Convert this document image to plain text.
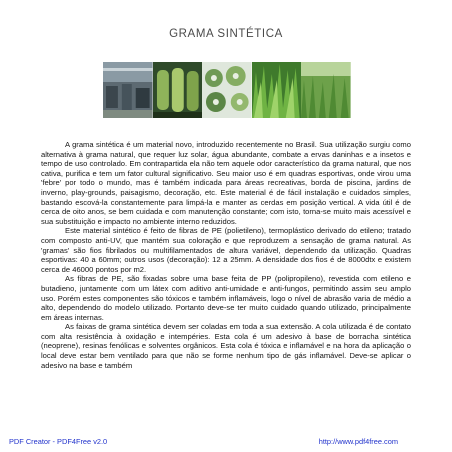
GRAMA SINTÉTICA

A grama sintética é um material novo, introduzido recentemente no Brasil. Sua utilização surgiu como alternativa à grama natural, que requer luz solar, água abundante, combate a ervas daninhas e a insetos e tempo de uso controlado. Em contrapartida ela não tem aquele odor característico da grama natural, que nos cativa, purifica e tem um fator cultural significativo. Seu maior uso é em quadras esportivas, onde virou uma 'febre' por todo o mundo, mas é também indicada para áreas recreativas, borda de piscina, jardins de inverno, play-grounds, paisagismo, decoração, etc. Este material é de fácil instalação e cuidados simples, bastando escová-la constantemente para limpá-la e manter as cerdas em posição vertical. A vida útil é de cerca de oito anos, se bem cuidada e com manutenção constante; com isto, torna-se muito mais acessível e sua substituição e impacto no ambiente interno reduzidos.

Este material sintético é feito de fibras de PE (polietileno), termoplástico derivado do etileno; tratado com composto anti-UV, que mantém sua coloração e que reproduzem a sensação de grama natural. As 'gramas' são fios fibrilados ou multifilamentados de altura variável, dependendo da utilização. Quadras esportivas: 40 a 60mm; outros usos (decoração): 12 a 25mm. A densidade dos fios é de 8000dtx e existem cerca de 46000 pontos por m2.

As fibras de PE, são fixadas sobre uma base feita de PP (polipropileno), revestida com etileno e butadieno, juntamente com um látex com aditivo anti-umidade e anti-fungos, permitindo assim seu amplo uso. Porém estes componentes são tóxicos e também inflamáveis, logo o nível de abrasão varia de médio a alto, dependendo do modelo utilizado. Portanto deve-se ter muito cuidado quando utilizado, principalmente em áreas internas.

As faixas de grama sintética devem ser coladas em toda a sua extensão. A cola utilizada é de contato com alta resistência à oxidação e intempéries. Esta cola é um adesivo à base de borracha sintética (neoprene), resinas fenólicas e solventes orgânicos. Esta cola é tóxica e inflamável e na hora da aplicação o local deve estar bem ventilado para que não se forme nenhum tipo de gás inflamável. Deve-se aplicar o adesivo na base e também

PDF Creator - PDF4Free v2.0	http://www.pdf4free.com
